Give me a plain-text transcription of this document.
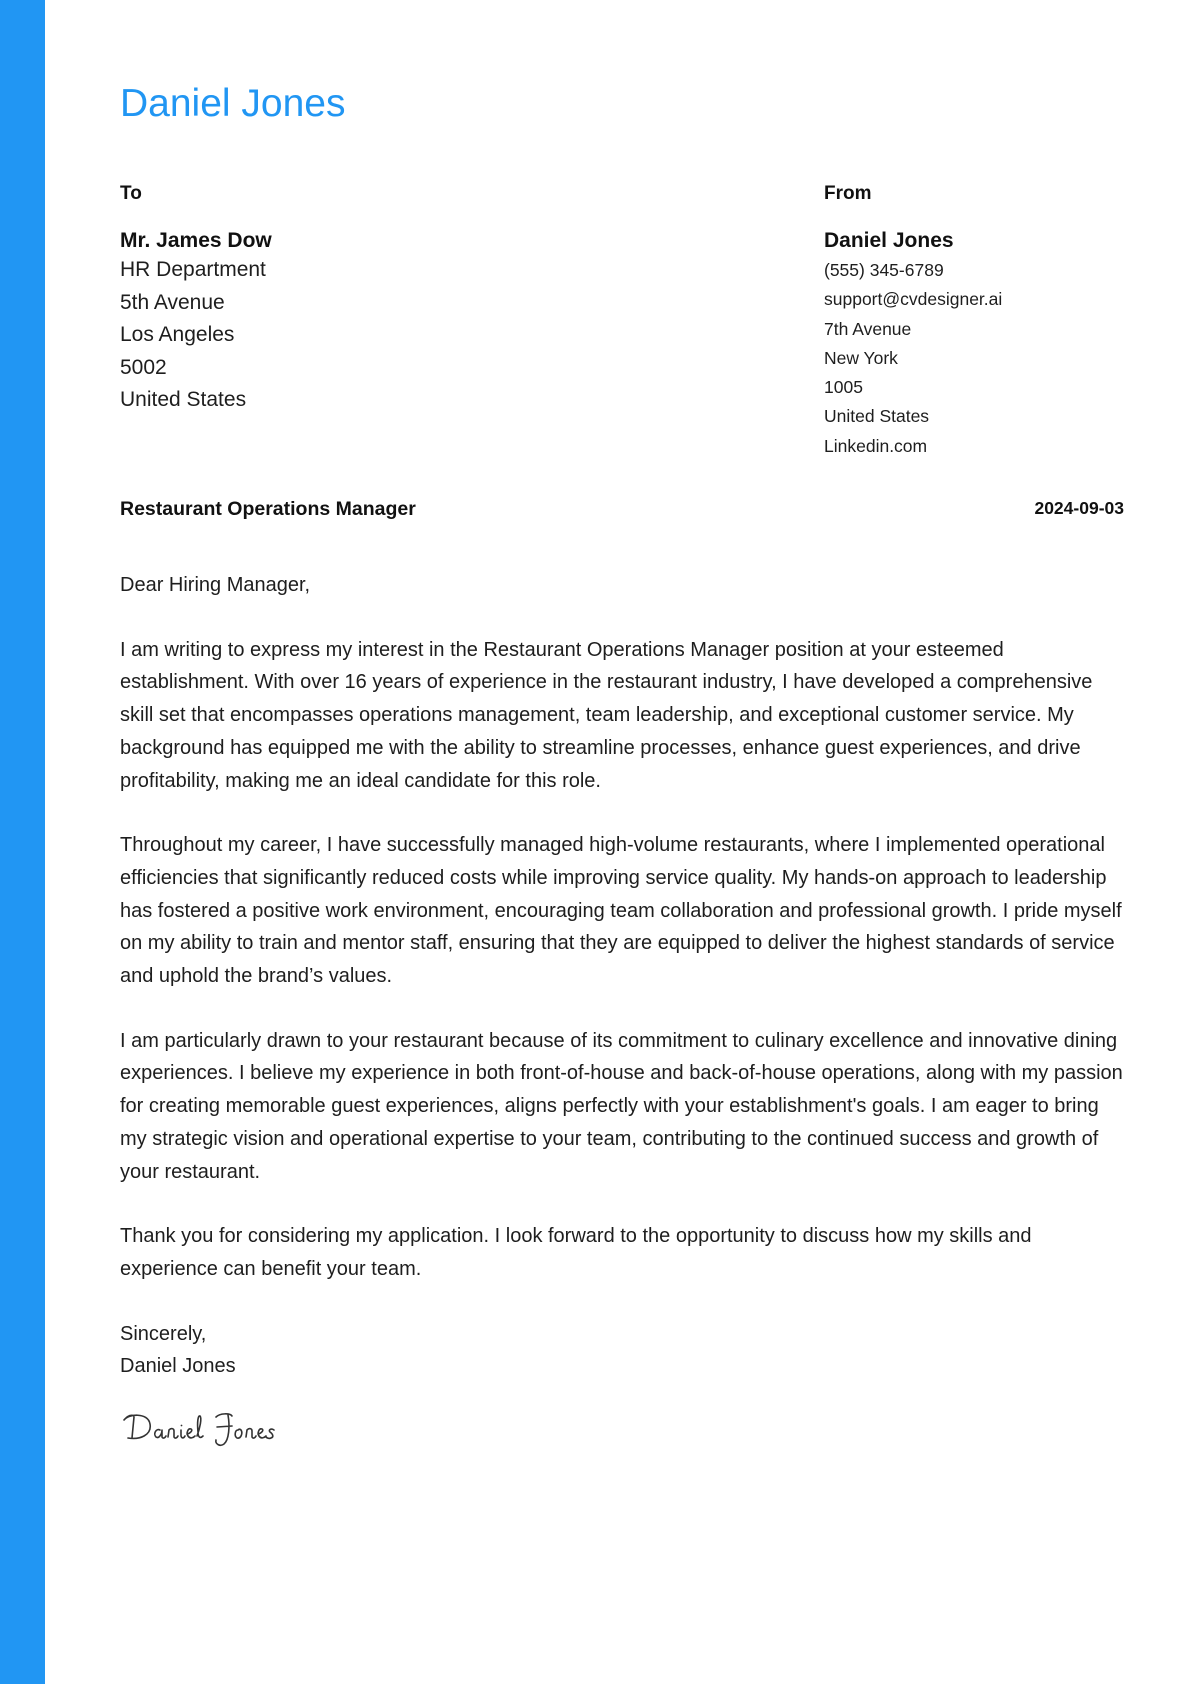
Daniel Jones
To
Mr. James Dow
HR Department
5th Avenue
Los Angeles
5002
United States
From
Daniel Jones
(555) 345-6789
support@cvdesigner.ai
7th Avenue
New York
1005
United States
Linkedin.com
Restaurant Operations Manager	2024-09-03

Dear Hiring Manager,

I am writing to express my interest in the Restaurant Operations Manager position at your esteemed establishment. With over 16 years of experience in the restaurant industry, I have developed a comprehensive skill set that encompasses operations management, team leadership, and exceptional customer service. My background has equipped me with the ability to streamline processes, enhance guest experiences, and drive profitability, making me an ideal candidate for this role.

Throughout my career, I have successfully managed high-volume restaurants, where I implemented operational efficiencies that significantly reduced costs while improving service quality. My hands-on approach to leadership has fostered a positive work environment, encouraging team collaboration and professional growth. I pride myself on my ability to train and mentor staff, ensuring that they are equipped to deliver the highest standards of service and uphold the brand’s values.

I am particularly drawn to your restaurant because of its commitment to culinary excellence and innovative dining experiences. I believe my experience in both front-of-house and back-of-house operations, along with my passion for creating memorable guest experiences, aligns perfectly with your establishment's goals. I am eager to bring my strategic vision and operational expertise to your team, contributing to the continued success and growth of your restaurant.

Thank you for considering my application. I look forward to the opportunity to discuss how my skills and experience can benefit your team.

Sincerely,
Daniel Jones
